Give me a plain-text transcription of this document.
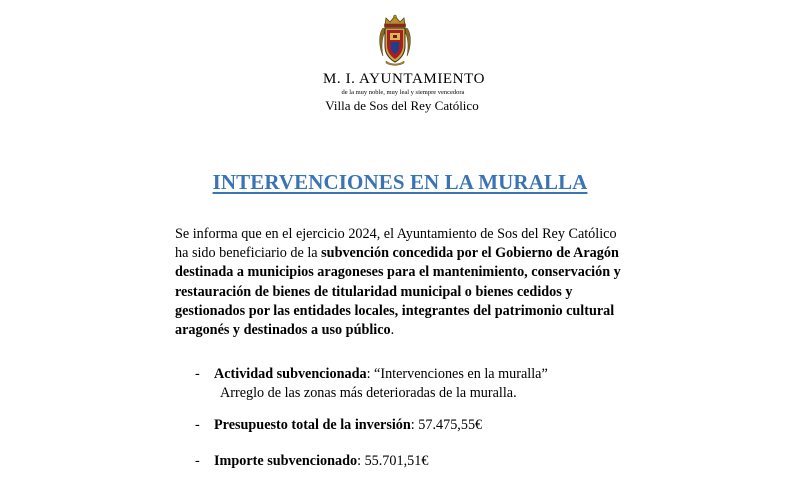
M. I. AYUNTAMIENTO
de la muy noble, muy leal y siempre vencedora
Villa de Sos del Rey Católico
INTERVENCIONES EN LA MURALLA

Se informa que en el ejercicio 2024, el Ayuntamiento de Sos del Rey Católico ha sido beneficiario de la subvención concedida por el Gobierno de Aragón destinada a municipios aragoneses para el mantenimiento, conservación y restauración de bienes de titularidad municipal o bienes cedidos y gestionados por las entidades locales, integrantes del patrimonio cultural aragonés y destinados a uso público.

- Actividad subvencionada: “Intervenciones en la muralla”
Arreglo de las zonas más deterioradas de la muralla.
- Presupuesto total de la inversión: 57.475,55€
- Importe subvencionado: 55.701,51€
